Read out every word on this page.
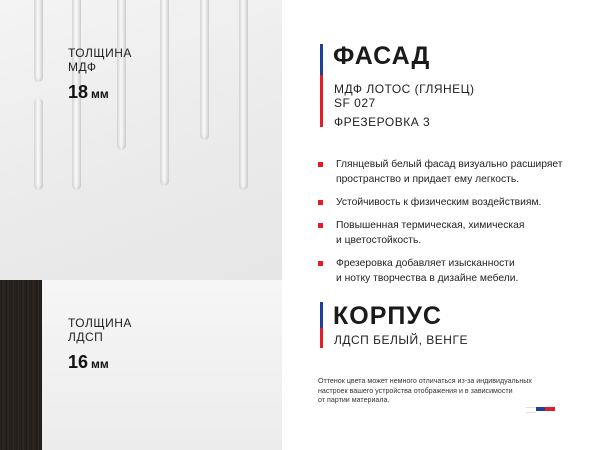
ТОЛЩИНА
МДФ
18 мм
ТОЛЩИНА
ЛДСП
16 мм
ФАСАД
МДФ ЛОТОС (ГЛЯНЕЦ)
SF 027
ФРЕЗЕРОВКА 3
Глянцевый белый фасад визуально расширяет
пространство и придает ему легкость.
Устойчивость к физическим воздействиям.
Повышенная термическая, химическая
и цветостойкость.
Фрезеровка добавляет изысканности
и нотку творчества в дизайне мебели.
КОРПУС
ЛДСП БЕЛЫЙ, ВЕНГЕ
Оттенок цвета может немного отличаться из-за индивидуальных
настроек вашего устройства отображения и в зависимости
от партии материала.
